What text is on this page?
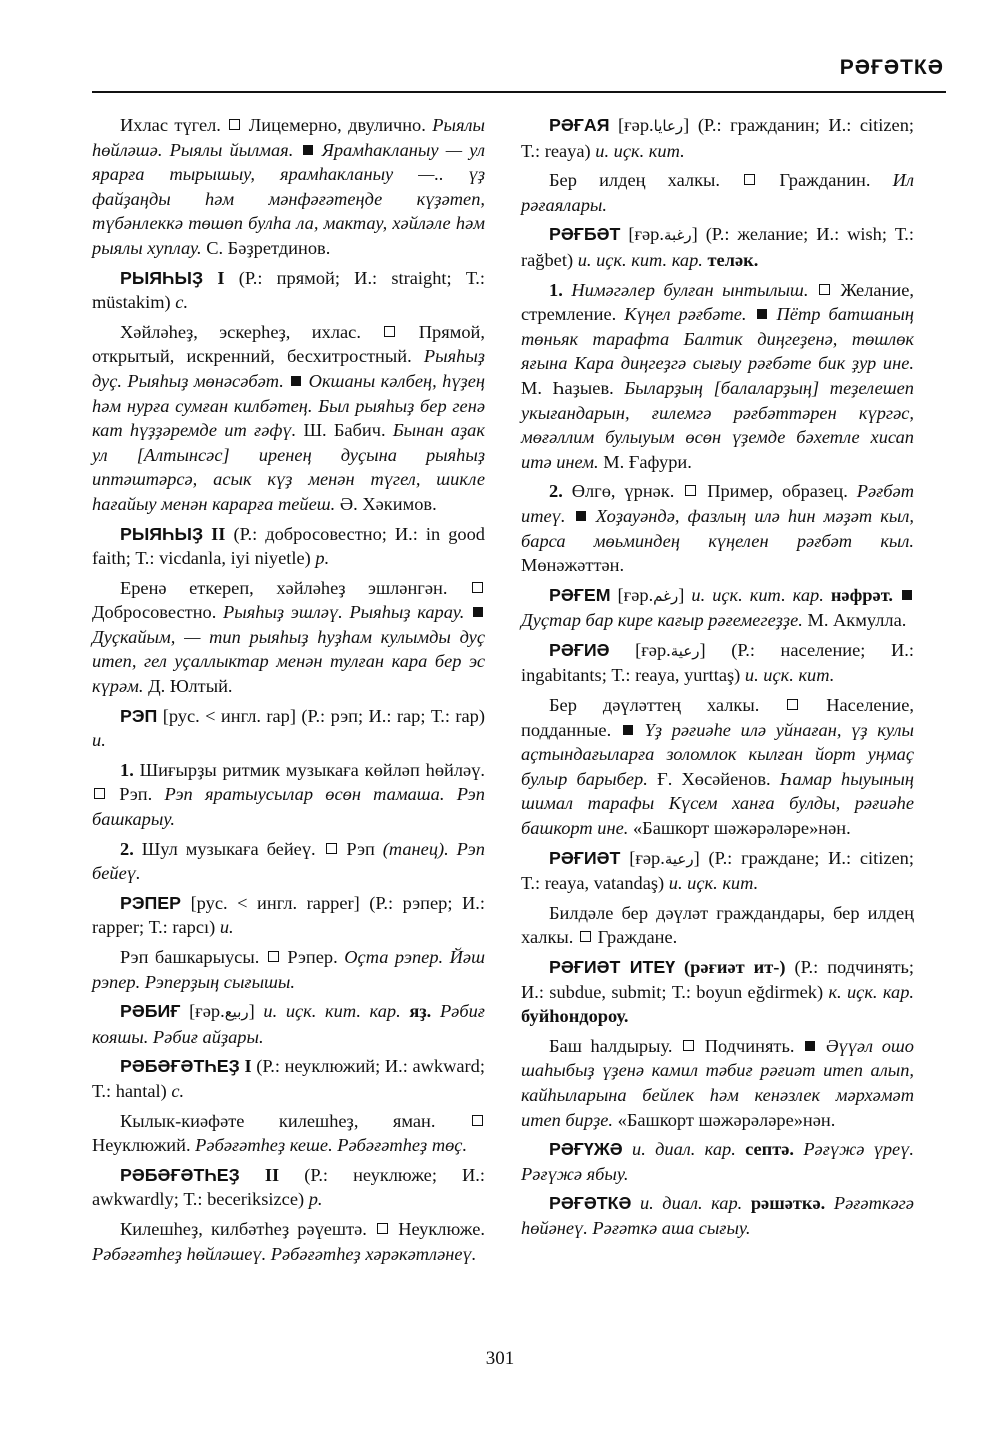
РӘҒӘТКӘ

Ихлас түгел. Лицемерно, двулично. Рыялы һөйләшә. Рыялы йылмая. Ярамһакланыу — ул ярарға тырышыу, ярамһакланыу —.. үҙ файҙаңды һәм мәнфәғәтеңде күҙәтеп, түбәнлеккә төшөп булһа ла, мактау, хәйләле һәм рыялы хуплау. С. Бәҙретдинов.

РЫЯҺЫҘ I (Р.: прямой; И.: straight; Т.: müstakim) с.

Хәйләһеҙ, эскерһеҙ, ихлас.	Прямой, открытый, искренний, бесхитростный. Рыяһыҙ дуҫ. Рыяһыҙ мөнәсәбәт. Окшаны кәлбең, һүҙең һәм нурға сумған килбәтең. Был рыяһыҙ бер генә кат һүҙҙәремде ит ғәфү. Ш. Бабич. Бынан аҙак ул [Алтынсәс] иренең дуҫына рыяһыҙ иптәштәрсә, асык күҙ менән түгел, шикле һағайыу менән карарға тейеш. Ә. Хәкимов.

РЫЯҺЫҘ II (Р.: добросовестно; И.: in good faith; Т.: vicdanla, iyi niyetle) р.

Еренә еткереп, хәйләһеҙ эшләнгән.  Добросовестно. Рыяһыҙ эшләү. Рыяһыҙ карау.  Дуҫкайым, — тип рыяһыҙ һуҙһам кулымды дуҫ итеп, гел уҫаллыктар менән тулған кара бер эс күрәм. Д. Юлтый.

РЭП [рус. < ингл. rap] (Р.: рэп; И.: rap; Т.: rap) и.

1. Шиғырҙы ритмик музыкаға көйләп һөйләү.  Рэп. Рэп яратыусылар өсөн тамаша. Рэп башкарыу.

2. Шул музыкаға бейеү. Рэп (танец). Рэп бейеү.

РЭПЕР [рус. < ингл. rapper] (Р.: рэпер; И.: rapper; Т.: rapcı) и.

Рэп башкарыусы. Рэпер. Оҫта рэпер. Йәш рэпер. Рэперҙың сығышы.

РӘБИҒ [ғәр.ربيع] и. иҫк. кит. кар. яҙ. Рәбиғ кояшы. Рәбиғ айҙары.

РӘБӘҒӘТҺЕҘ I (Р.: неуклюжий; И.: awkward; Т.: hantal) с.

Кылык-киәфәте килешһеҙ, яман.  Неуклюжий. Рәбәғәтһеҙ кеше. Рәбәғәтһеҙ төҫ.

РӘБӘҒӘТҺЕҘ II (Р.: неуклюже; И.: awkwardly; Т.: beceriksizce) р.

Килешһеҙ, килбәтһеҙ рәүештә. Неуклюже. Рәбәғәтһеҙ һөйләшеү. Рәбәғәтһеҙ хәрәкәтләнеү.

РӘҒАЯ [ғәр.رعايا] (Р.: гражданин; И.: citizen; Т.: reaya) и. иҫк. кит.

Бер илдең халкы.	Гражданин. Ил рәғаялары.

РӘҒБӘТ [ғәр.رغبة] (Р.: желание; И.: wish; Т.: rağbet) и. иҫк. кит. кар. теләк.

1. Нимәгәлер булған ынтылыш. Желание, стремление. Күңел рәғбәте. Пётр батшаның төньяк тарафта Балтик диңгеҙенә, төшлөк яғына Кара диңгеҙгә сығыу рәғбәте бик ҙур ине. М. Һаҙыев. Быларҙың [балаларҙың] теҙелешеп укығандарын, ғилемгә рәғбәттәрен күргәс, мөғәллим булыуым өсөн үҙемде бәхетле хисап итә инем. М. Ғафури.

2. Өлгө, үрнәк. Пример, образец. Рәғбәт итеү. Хоҙауәндә, фазлың илә һин мәҙәт кыл, барса мөьминдең күңелен рәғбәт кыл. Мөнәжәттән.

РӘҒЕМ [ғәр.رغم] и. иҫк. кит. кар. нәфрәт.  Дуҫтар бар кире кағыр рәғемегеҙҙе. М. Акмулла.

РӘҒИӘ [ғәр.رعية] (Р.: население; И.: ingabitants; Т.: reaya, yurttaş) и. иҫк. кит.

Бер дәүләттең халкы.	Население, подданные. Үҙ рәғиәһе илә уйнаған, үҙ кулы аҫтындағыларға золомлок кылған йорт уңмаҫ булыр барыбер. Ғ. Хөсәйенов. Һамар һыуының шимал тарафы Күсем ханға булды, рәғиәһе башкорт ине. «Башкорт шәжәрәләре»нән.

РӘҒИӘТ [ғәр.رعية] (Р.: граждане; И.: citizen; Т.: reaya, vatandaş) и. иҫк. кит.

Билдәле бер дәүләт граждандары, бер илдең халкы. Граждане.

РӘҒИӘТ ИТЕҮ (рәғиәт ит-) (Р.: подчинять; И.: subdue, submit; Т.: boyun eğdirmek) к. иҫк. кар. буйһондороу.

Баш һалдырыу. Подчинять. Әүүәл ошо шаһыбыҙ үҙенә камил тәбиғ рәғиәт итеп алып, кайһыларына бейлек һәм кенәзлек мәрхәмәт итеп бирҙе. «Башкорт шәжәрәләре»нән.

РӘҒҮЖӘ и. диал. кар. септә. Рәғүжә үреү. Рәғүжә ябыу.

РӘҒӘТКӘ и. диал. кар. рәшәткә. Рәғәткәгә һөйәнеү. Рәғәткә аша сығыу.

301
